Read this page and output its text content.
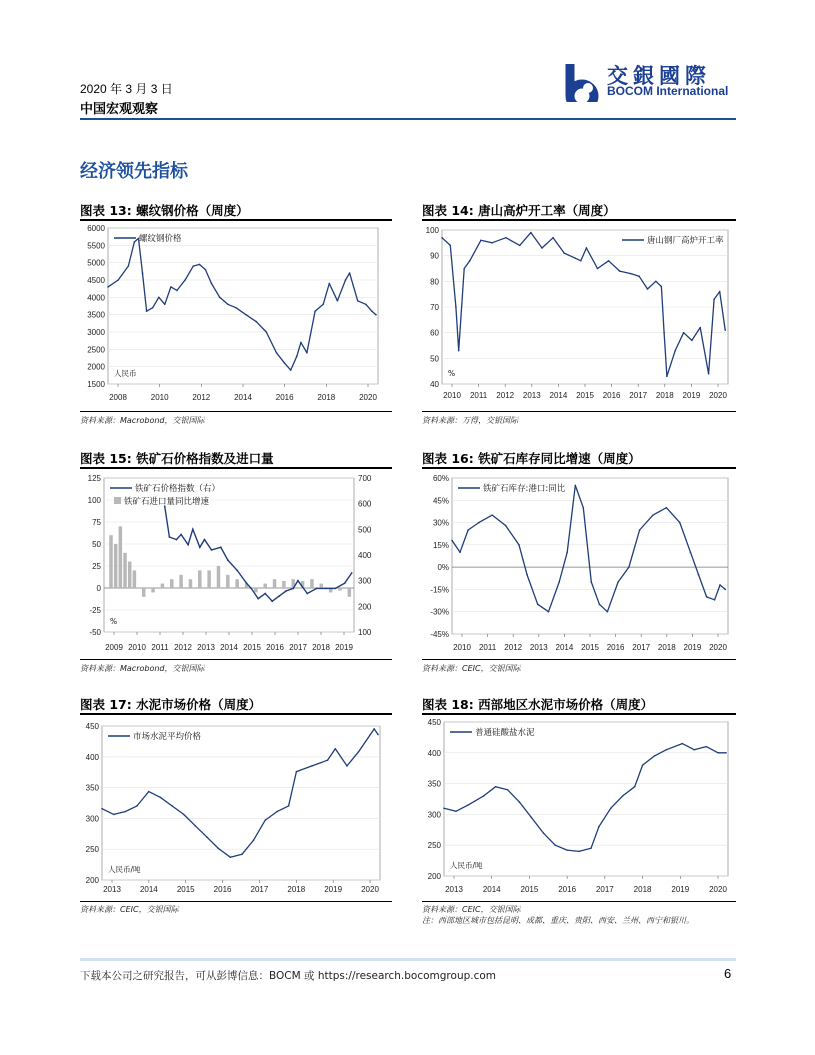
2020 年 3 月 3 日
中国宏观观察
交銀國際
BOCOM International
经济领先指标
图表 13: 螺纹钢价格（周度）	图表 14: 唐山高炉开工率（周度）
图表 15: 铁矿石价格指数及进口量	图表 16: 铁矿石库存同比增速（周度）
图表 17: 水泥市场价格（周度）	图表 18: 西部地区水泥市场价格（周度）
6000
5500
5000
4500
4000
3500
3000
2500
2000
1500
2008	2010	2012	2014	2016	2018	2020
螺纹钢价格
人民币
100
90
80
70
60
50
40
2010 2011 2012 2013 2014 2015 2016 2017 2018 2019 2020
唐山钢厂高炉开工率
%
125
100
75
50
25
0
-25
-50
700
600
500
400
300
200
100
2009 2010 2011 2012 2013 2014 2015 2016 2017 2018 2019
铁矿石价格指数（右）
铁矿石进口量同比增速
%
60%
45%
30%
15%
0%
-15%
-30%
-45%
2010 2011 2012 2013 2014 2015 2016 2017 2018 2019 2020
铁矿石库存:港口:同比
450
400
350
300
250
200
2013 2014 2015 2016 2017 2018 2019 2020
市场水泥平均价格
人民币/吨
450
400
350
300
250
200
2013 2014 2015 2016 2017 2018 2019 2020
普通硅酸盐水泥
人民币/吨
资料来源：Macrobond，交银国际	资料来源：万得，交银国际
资料来源：Macrobond，交银国际	资料来源：CEIC，交银国际
资料来源：CEIC，交银国际	资料来源：CEIC，交银国际
注：西部地区城市包括昆明、成都、重庆、贵阳、西安、兰州、西宁和银川。
下载本公司之研究报告，可从彭博信息：BOCM 或 https://research.bocomgroup.com	6
